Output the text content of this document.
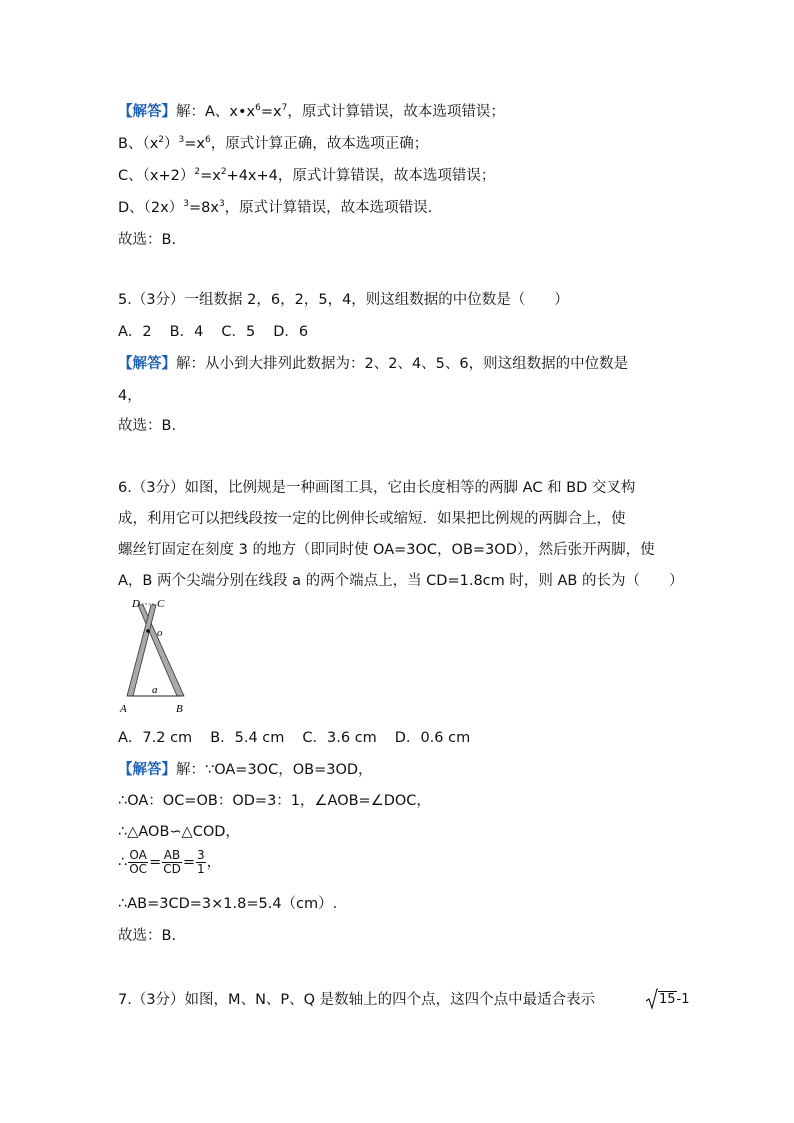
【解答】解：A、$x•x^6=x^7$，原式计算错误，故本选项错误；
B、$(x^2)^3=x^6$，原式计算正确，故本选项正确；
C、$(x+2)^2=x^2+4x+4$，原式计算错误，故本选项错误；
D、$(2x)^3=8x^3$，原式计算错误，故本选项错误.
故选：B.
5.（3分）一组数据 2，6，2，5，4，则这组数据的中位数是（　　）
A．2 B．4 C．5 D．6
【解答】解：从小到大排列此数据为：2、2、4、5、6，则这组数据的中位数是
4，
故选：B.
6.（3分）如图，比例规是一种画图工具，它由长度相等的两脚 AC 和 BD 交叉构
成，利用它可以把线段按一定的比例伸长或缩短．如果把比例规的两脚合上，使
螺丝钉固定在刻度 3 的地方（即同时使 OA=3OC，OB=3OD），然后张开两脚，使
A，B 两个尖端分别在线段 a 的两个端点上，当 CD=1.8cm 时，则 AB 的长为（　　）
D C
o
a
A	B
A．7.2 cm B．5.4 cm C．3.6 cm D．0.6 cm
【解答】解：∵OA=3OC，OB=3OD，
∴OA：OC=OB：OD=3：1，∠AOB=∠DOC，
∴△AOB∽△COD，
∴ $\frac{OA}{OC} = \frac{AB}{CD} = \frac{3}{1}$ ，
∴AB=3CD=3×1.8=5.4（cm）.
故选：B.
7.（3分）如图，M、N、P、Q 是数轴上的四个点，这四个点中最适合表示	15-1
